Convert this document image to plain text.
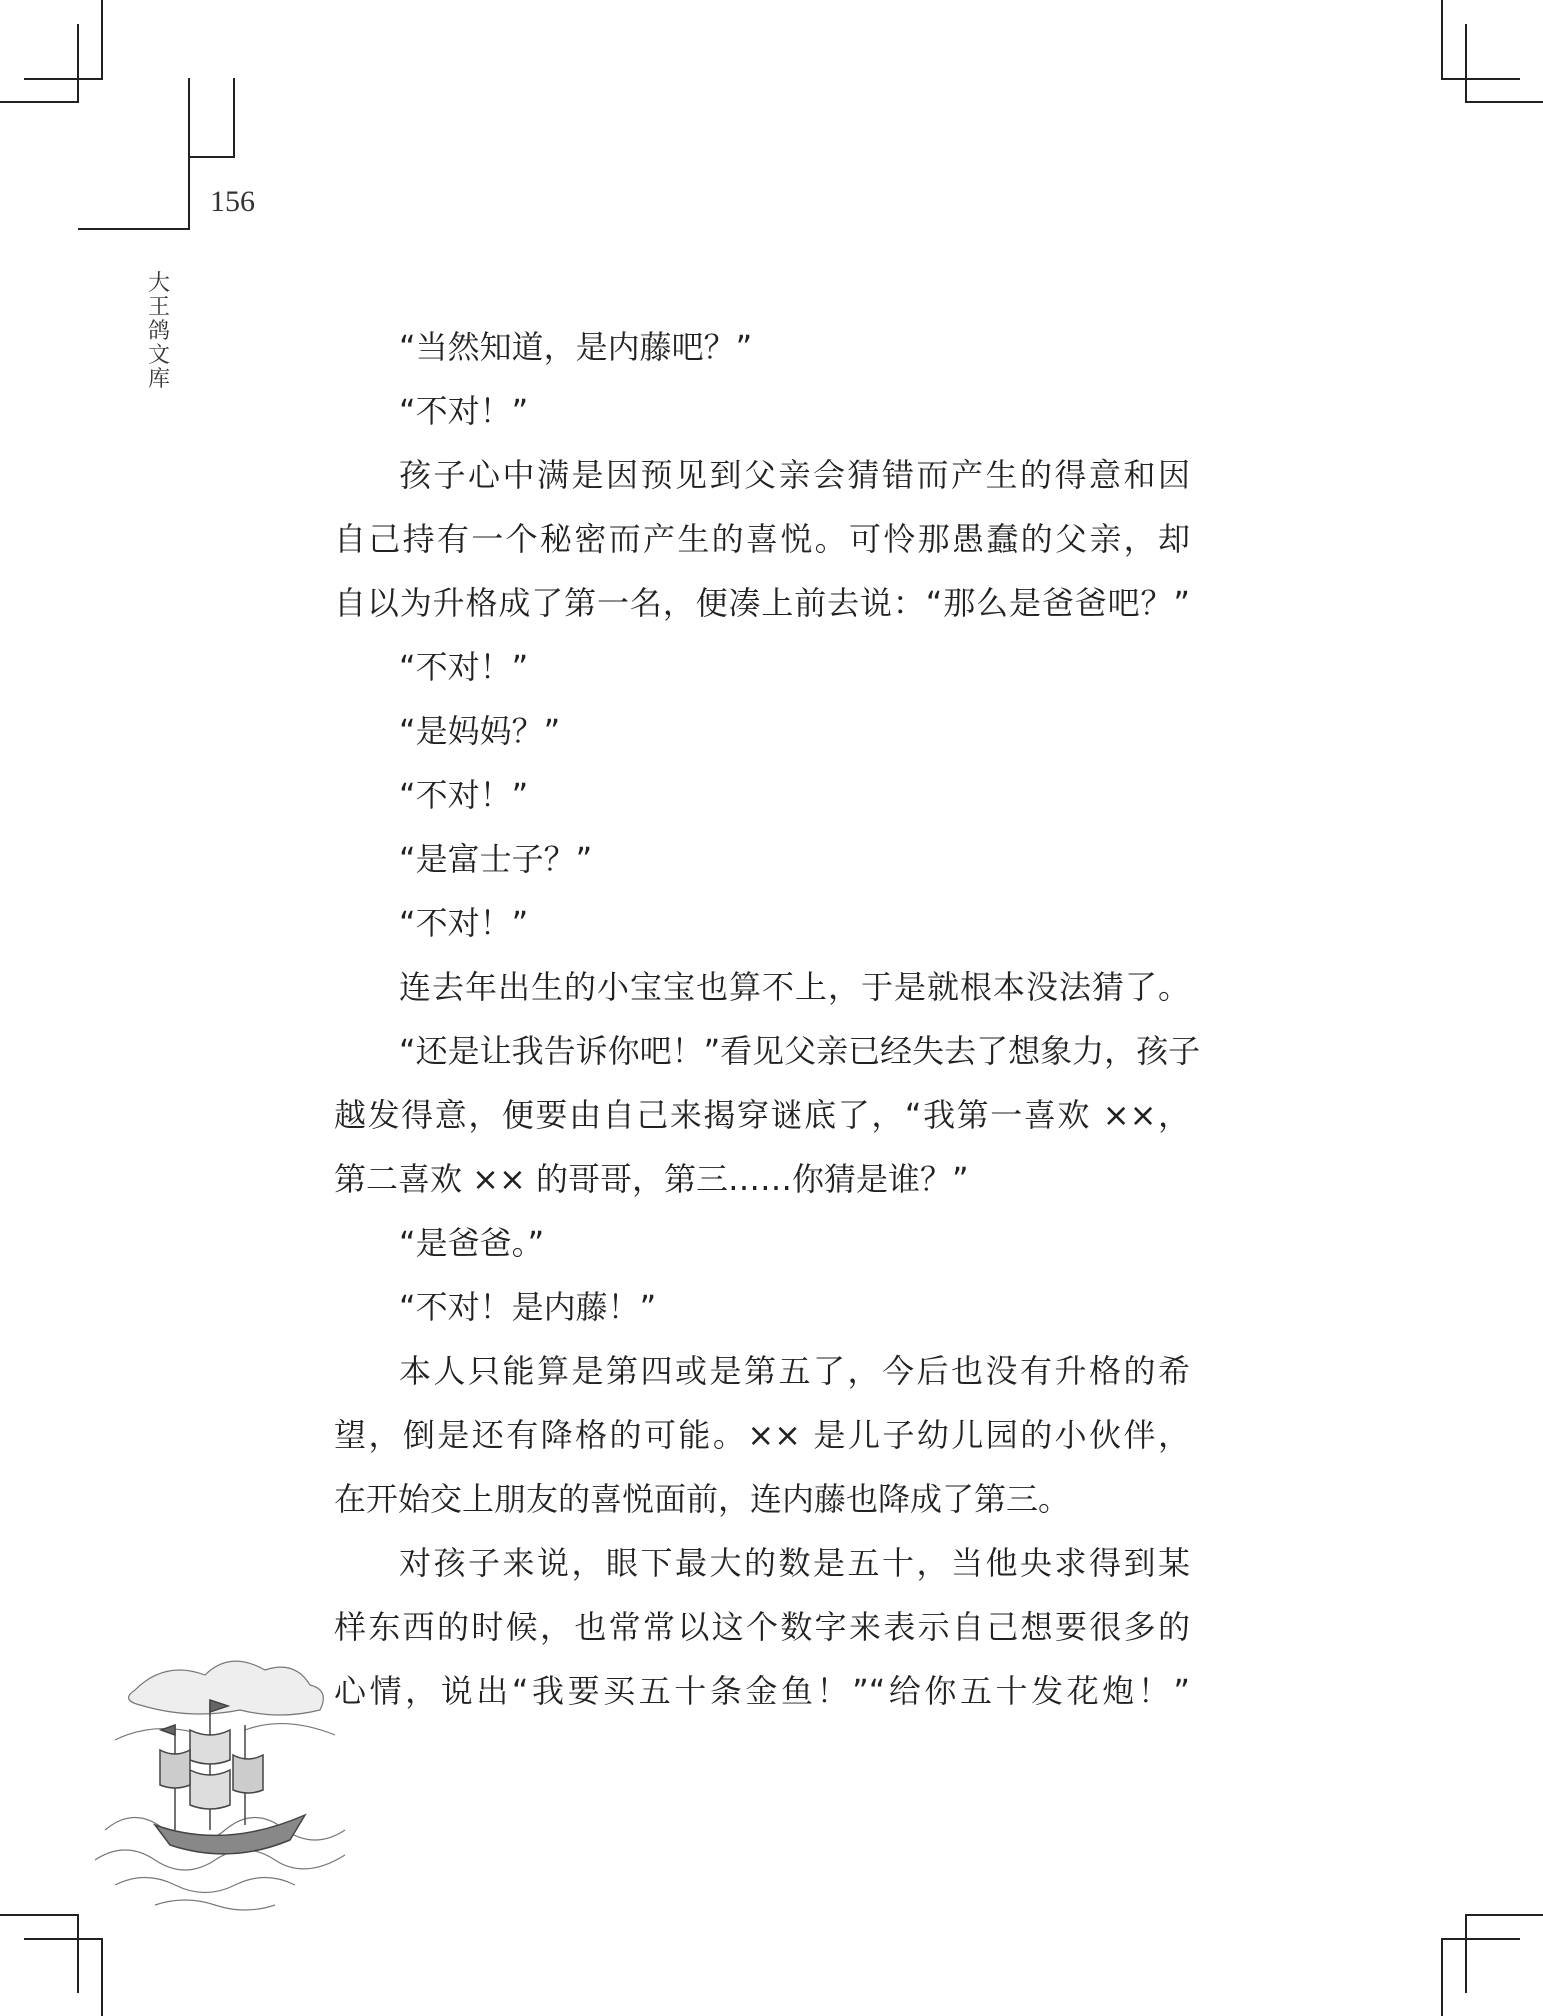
156
大
王
鸽
文
库
“当然知道，是内藤吧？”
“不对！”
孩子心中满是因预见到父亲会猜错而产生的得意和因
自己持有一个秘密而产生的喜悦。可怜那愚蠢的父亲，却
自以为升格成了第一名，便凑上前去说：“那么是爸爸吧？”
“不对！”
“是妈妈？”
“不对！”
“是富士子？”
“不对！”
连去年出生的小宝宝也算不上，于是就根本没法猜了。
“还是让我告诉你吧！”看见父亲已经失去了想象力，孩子
越发得意，便要由自己来揭穿谜底了，“我第一喜欢 ××，
第二喜欢 ×× 的哥哥，第三……你猜是谁？”
“是爸爸。”
“不对！是内藤！”
本人只能算是第四或是第五了，今后也没有升格的希
望，倒是还有降格的可能。×× 是儿子幼儿园的小伙伴，
在开始交上朋友的喜悦面前，连内藤也降成了第三。
对孩子来说，眼下最大的数是五十，当他央求得到某
样东西的时候，也常常以这个数字来表示自己想要很多的
心情，说出“我要买五十条金鱼！”“给你五十发花炮！”
